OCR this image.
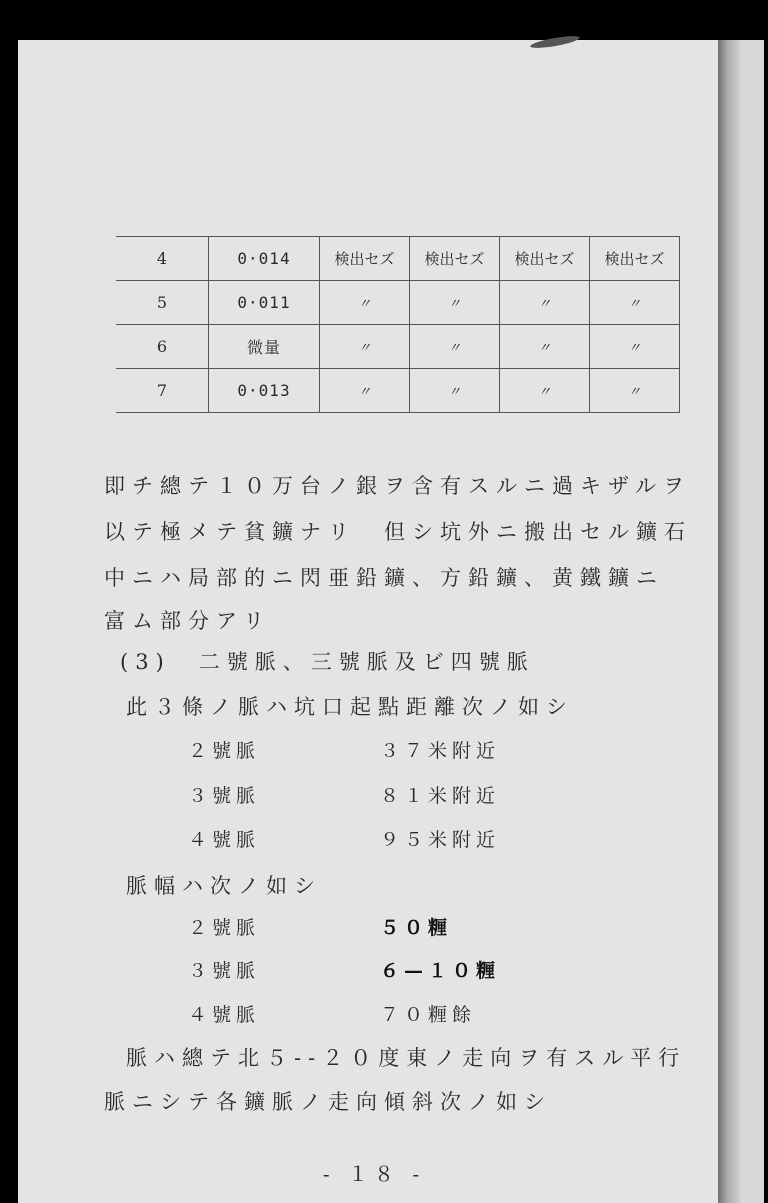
4	0·014	検出セズ	検出セズ	検出セズ	検出セズ
5	0·011	〃	〃	〃	〃
6	微量	〃	〃	〃	〃
7	0·013	〃	〃	〃	〃
即チ總テ１０万台ノ銀ヲ含有スルニ過キザルヲ
以テ極メテ貧鑛ナリ　但シ坑外ニ搬出セル鑛石
中ニハ局部的ニ閃亜鉛鑛、方鉛鑛、黄鐵鑛ニ
富ム部分アリ
(3)　二號脈、三號脈及ビ四號脈
此３條ノ脈ハ坑口起點距離次ノ如シ
２號脈	３７米附近
３號脈	８１米附近
４號脈	９５米附近
脈幅ハ次ノ如シ
２號脈	５０糎
３號脈	６—１０糎
４號脈	７０糎餘
脈ハ總テ北５--２０度東ノ走向ヲ有スル平行
脈ニシテ各鑛脈ノ走向傾斜次ノ如シ
- １８ -
